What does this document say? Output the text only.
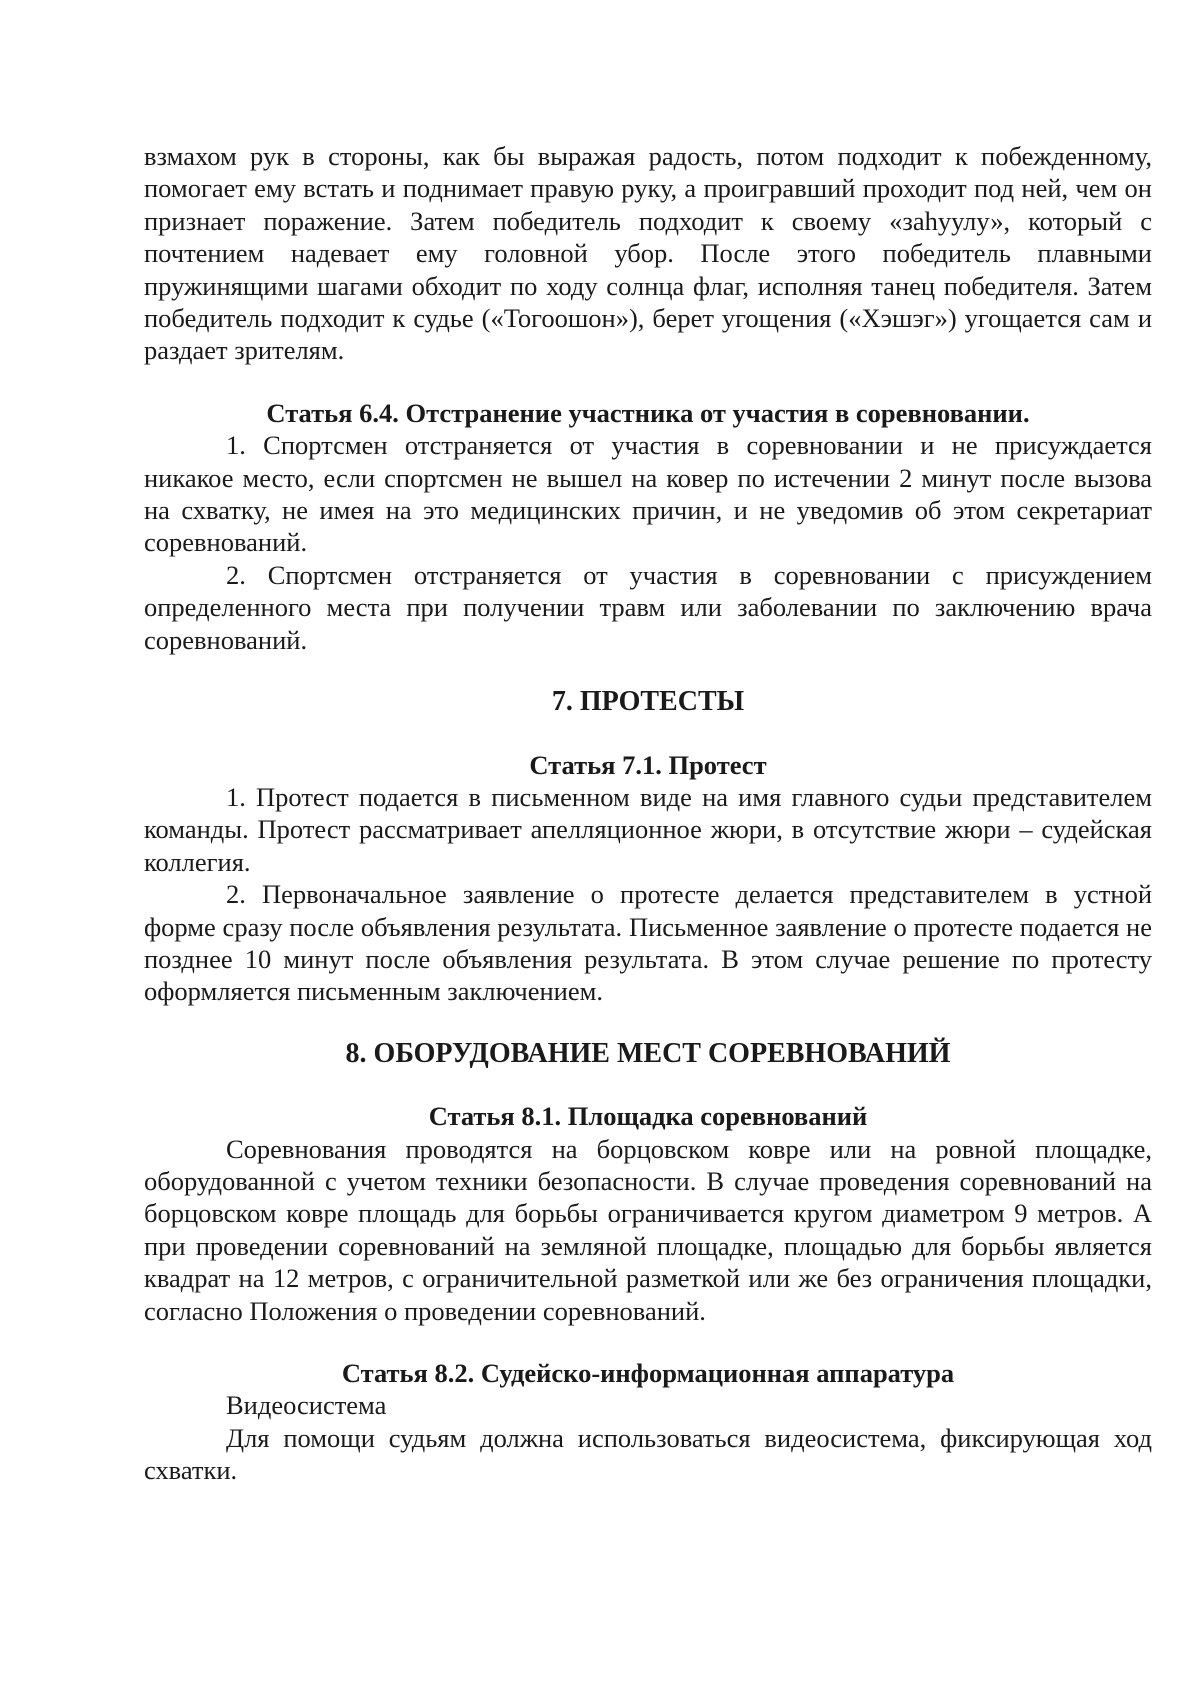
взмахом рук в стороны, как бы выражая радость, потом подходит к побежденному, помогает ему встать и поднимает правую руку, а проигравший проходит под ней, чем он признает поражение. Затем победитель подходит к своему «заһуулу», который с почтением надевает ему головной убор. После этого победитель плавными пружинящими шагами обходит по ходу солнца флаг, исполняя танец победителя. Затем победитель подходит к судье («Тогоошон»), берет угощения («Хэшэг») угощается сам и раздает зрителям.

Статья 6.4. Отстранение участника от участия в соревновании.

1. Спортсмен отстраняется от участия в соревновании и не присуждается никакое место, если спортсмен не вышел на ковер по истечении 2 минут после вызова на схватку, не имея на это медицинских причин, и не уведомив об этом секретариат соревнований.

2. Спортсмен отстраняется от участия в соревновании с присуждением определенного места при получении травм или заболевании по заключению врача соревнований.

7. ПРОТЕСТЫ
Статья 7.1. Протест

1. Протест подается в письменном виде на имя главного судьи представителем команды. Протест рассматривает апелляционное жюри, в отсутствие жюри – судейская коллегия.

2. Первоначальное заявление о протесте делается представителем в устной форме сразу после объявления результата. Письменное заявление о протесте подается не позднее 10 минут после объявления результата. В этом случае решение по протесту оформляется письменным заключением.

8. ОБОРУДОВАНИЕ МЕСТ СОРЕВНОВАНИЙ
Статья 8.1. Площадка соревнований

Соревнования проводятся на борцовском ковре или на ровной площадке, оборудованной с учетом техники безопасности. В случае проведения соревнований на борцовском ковре площадь для борьбы ограничивается кругом диаметром 9 метров. А при проведении соревнований на земляной площадке, площадью для борьбы является квадрат на 12 метров, с ограничительной разметкой или же без ограничения площадки, согласно Положения о проведении соревнований.

Статья 8.2. Судейско-информационная аппаратура

Видеосистема

Для помощи судьям должна использоваться видеосистема, фиксирующая ход схватки.
